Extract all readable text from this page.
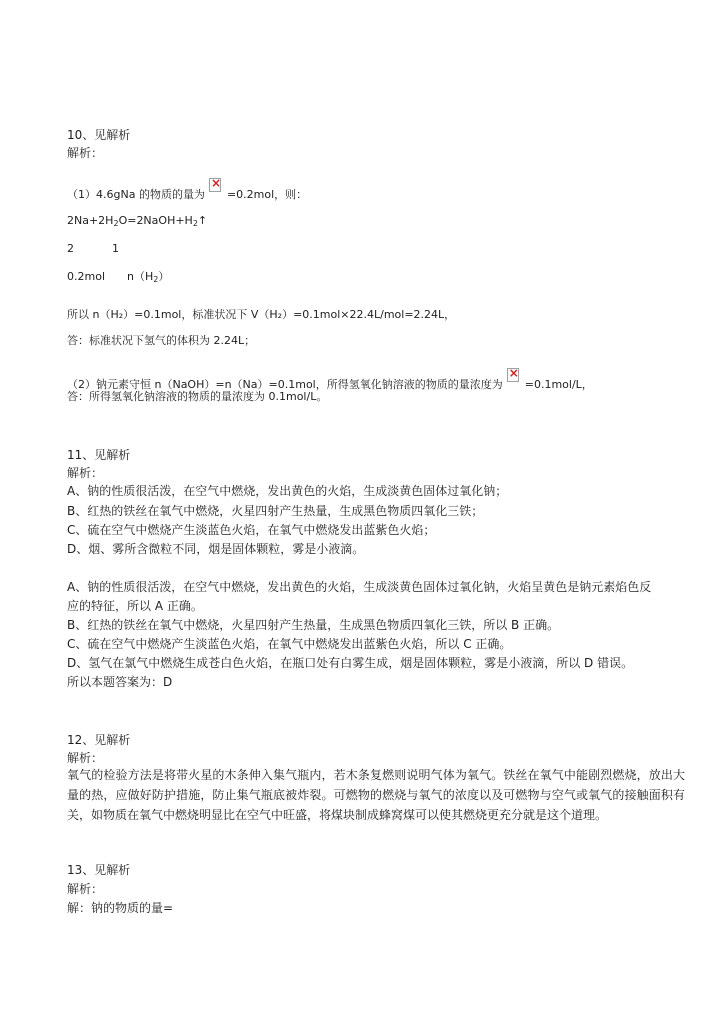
10、见解析

解析：

（1）4.6gNa 的物质的量为× =0.2mol，则：

$2Na+2H_2O=2NaOH+H_2↑$

2	1

0.2mol $n(H_2)$

所以 n（H₂）=0.1mol，标准状况下 V（H₂）=0.1mol×22.4L/mol=2.24L，

答：标准状况下氢气的体积为 2.24L；

（2）钠元素守恒 n（NaOH）=n（Na）=0.1mol，所得氢氧化钠溶液的物质的量浓度为× =0.1mol/L，

答：所得氢氧化钠溶液的物质的量浓度为 0.1mol/L。

11、见解析

解析：

A、钠的性质很活泼，在空气中燃烧，发出黄色的火焰，生成淡黄色固体过氧化钠；

B、红热的铁丝在氧气中燃烧，火星四射产生热量，生成黑色物质四氧化三铁；

C、硫在空气中燃烧产生淡蓝色火焰，在氧气中燃烧发出蓝紫色火焰；

D、烟、雾所含微粒不同，烟是固体颗粒，雾是小液滴。

A、钠的性质很活泼，在空气中燃烧，发出黄色的火焰，生成淡黄色固体过氧化钠，火焰呈黄色是钠元素焰色反

应的特征，所以 A 正确。

B、红热的铁丝在氧气中燃烧，火星四射产生热量，生成黑色物质四氧化三铁，所以 B 正确。

C、硫在空气中燃烧产生淡蓝色火焰，在氧气中燃烧发出蓝紫色火焰，所以 C 正确。

D、氢气在氯气中燃烧生成苍白色火焰，在瓶口处有白雾生成，烟是固体颗粒，雾是小液滴，所以 D 错误。

所以本题答案为：D

12、见解析

解析：

氧气的检验方法是将带火星的木条伸入集气瓶内，若木条复燃则说明气体为氧气。铁丝在氧气中能剧烈燃烧，放出大量的热，应做好防护措施，防止集气瓶底被炸裂。可燃物的燃烧与氧气的浓度以及可燃物与空气或氧气的接触面积有关，如物质在氧气中燃烧明显比在空气中旺盛，将煤块制成蜂窝煤可以使其燃烧更充分就是这个道理。

13、见解析

解析：

解：钠的物质的量=
